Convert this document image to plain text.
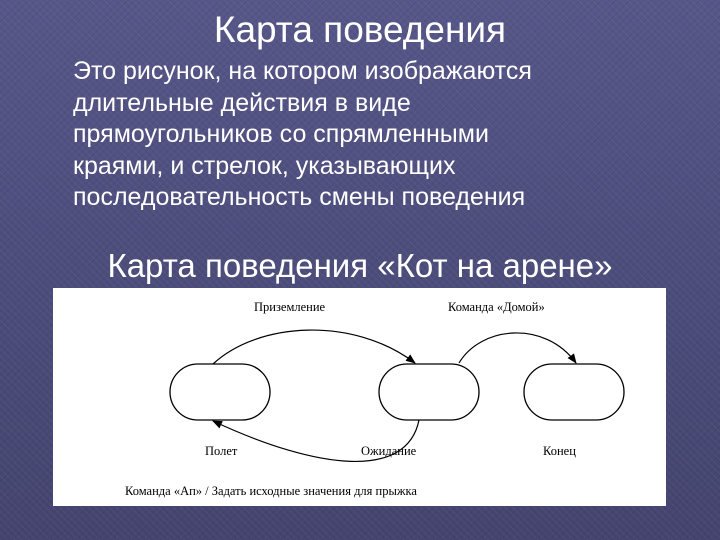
Карта поведения
Это рисунок, на котором изображаются
длительные действия в виде
прямоугольников со спрямленными
краями, и стрелок, указывающих
последовательность смены поведения
Карта поведения «Кот на арене»
Приземление	Команда «Домой»
Полет	Ожидание	Конец
Команда «Ап» / Задать исходные значения для прыжка
